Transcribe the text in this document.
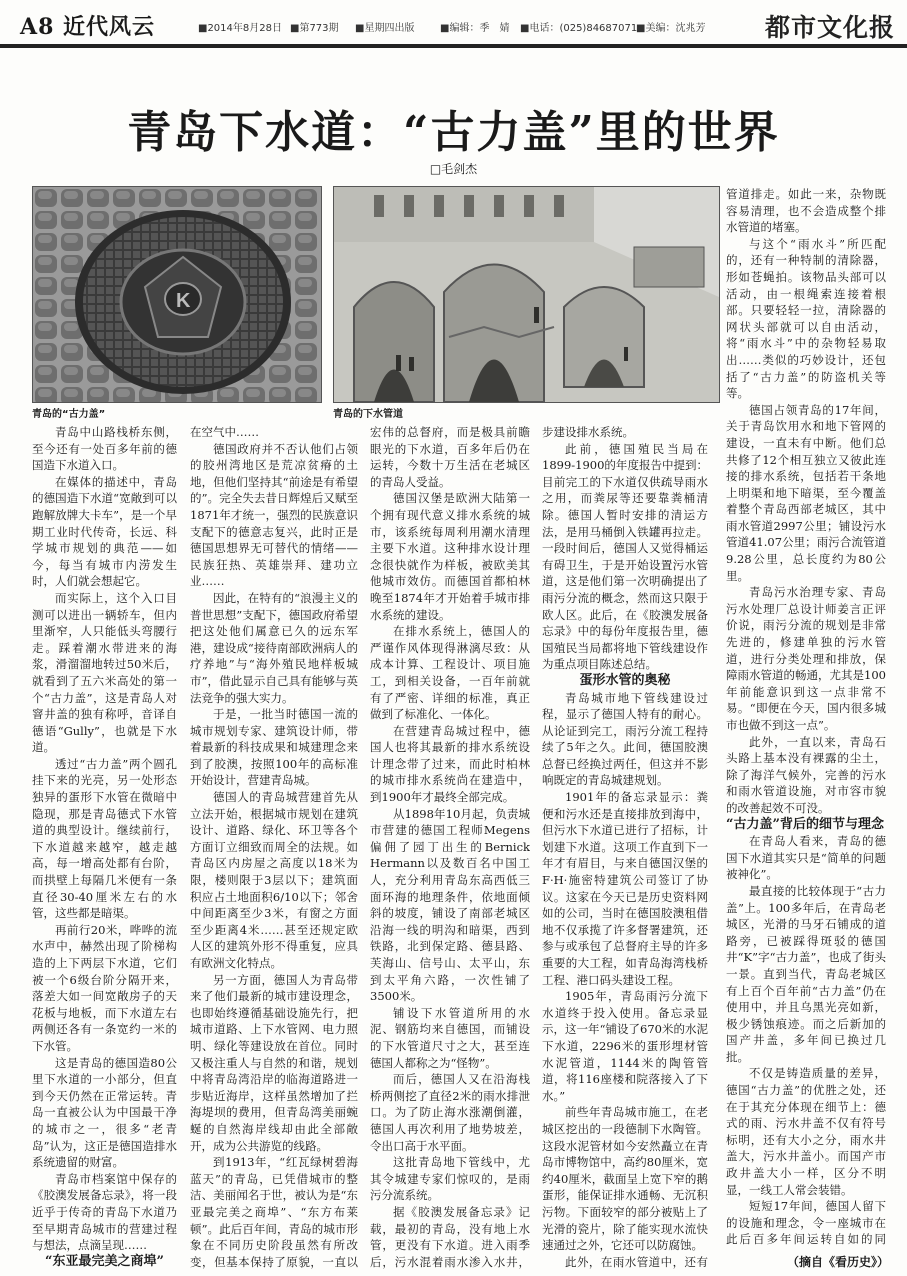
A8 近代风云	■2014年8月28日 ■第773期 ■星期四出版	■编辑：季　婧 ■电话：(025)84687071
■美编：沈兆芳 都市文化报
青岛下水道：“古力盖”里的世界
□毛剑杰
K
青岛的“古力盖”	青岛的下水管道

青岛中山路栈桥东侧，至今还有一处百多年前的德国造下水道入口。

在媒体的描述中，青岛的德国造下水道“宽敞到可以跑解放牌大卡车”，是一个早期工业时代传奇，长远、科学城市规划的典范——如今，每当有城市内涝发生时，人们就会想起它。

而实际上，这个入口目测可以进出一辆轿车，但内里渐窄，人只能低头弯腰行走。踩着潮水带进来的海浆，滑溜溜地转过50米后，就看到了五六米高处的第一个“古力盖”，这是青岛人对窨井盖的独有称呼，音译自德语“Gully”，也就是下水道。

透过“古力盖”两个圆孔挂下来的光亮，另一处形态独异的蛋形下水管在微暗中隐现，那是青岛德式下水管道的典型设计。继续前行，下水道越来越窄，越走越高，每一增高处都有台阶，而拱壁上每隔几米便有一条直径30-40厘米左右的水管，这些都是暗渠。

再前行20米，哗哗的流水声中，赫然出现了阶梯构造的上下两层下水道，它们被一个6级台阶分隔开来，落差大如一间宽敞房子的天花板与地板，而下水道左右两侧还各有一条宽约一米的下水管。

这是青岛的德国造80公里下水道的一小部分，但直到今天仍然在正常运转。青岛一直被公认为中国最干净的城市之一，很多“老青岛”认为，这正是德国造排水系统遗留的财富。

青岛市档案馆中保存的《胶澳发展备忘录》，将一段近乎于传奇的青岛下水道乃至早期青岛城市的营建过程与想法，点滴呈现……

“东亚最完美之商埠”

在空气中……

德国政府并不否认他们占领的胶州湾地区是荒凉贫瘠的土地，但他们坚持其“前途是有希望的”。完全失去昔日辉煌后又赋至1871年才统一，强烈的民族意识支配下的德意志复兴，此时正是德国思想界无可替代的情绪——民族狂热、英雄崇拜、建功立业……

因此，在特有的“浪漫主义的普世思想”支配下，德国政府希望把这处他们属意已久的远东军港，建设成“接待南部欧洲病人的疗养地”与“海外殖民地样板城市”，借此显示自己具有能够与英法竞争的强大实力。

于是，一批当时德国一流的城市规划专家、建筑设计师，带着最新的科技成果和城建理念来到了胶澳，按照100年的高标准开始设计，营建青岛城。

德国人的青岛城营建首先从立法开始，根据城市规划在建筑设计、道路、绿化、环卫等各个方面订立细致而周全的法规。如青岛区内房屋之高度以18米为限，楼则限于3层以下；建筑面积应占土地面积6/10以下；邻舍中间距离至少3米，有窗之方面至少距离4米……甚至还规定欧人区的建筑外形不得重复，应具有欧洲文化特点。

另一方面，德国人为青岛带来了他们最新的城市建设理念，也即始终遵循基础设施先行，把城市道路、上下水管网、电力照明、绿化等建设放在首位。同时又极注重人与自然的和谐，规划中将青岛湾沿岸的临海道路进一步贴近海岸，这样虽然增加了拦海堤坝的费用，但青岛湾美丽蜿蜒的自然海岸线却由此全部敞开，成为公共游览的线路。

到1913年，“红瓦绿树碧海蓝天”的青岛，已凭借城市的整洁、美丽闻名于世，被认为是“东亚最完美之商埠”、“东方布莱顿”。此后百年间，青岛的城市形象在不同历史阶段虽然有所改变，但基本保持了原貌，一直以

宏伟的总督府，而是极具前瞻眼光的下水道，百多年后仍在运转，今数十万生活在老城区的青岛人受益。

德国汉堡是欧洲大陆第一个拥有现代意义排水系统的城市，该系统每周利用潮水清理主要下水道。这种排水设计理念很快就作为样板，被欧美其他城市效仿。而德国首都柏林晚至1874年才开始着手城市排水系统的建设。

在排水系统上，德国人的严谨作风体现得淋漓尽致：从成本计算、工程设计、项目施工，到相关设备，一百年前就有了严密、详细的标准，真正做到了标准化、一体化。

在营建青岛城过程中，德国人也将其最新的排水系统设计理念带了过来，而此时柏林的城市排水系统尚在建造中，到1900年才最终全部完成。

从1898年10月起，负责城市营建的德国工程师Megens偏佣了园丁出生的Bernick Hermann以及数百名中国工人，充分利用青岛东高西低三面环海的地理条件，依地面倾斜的坡度，铺设了南部老城区沿海一线的明沟和暗渠，西到铁路，北到保定路、德县路、芙海山、信号山、太平山，东到太平角六路，一次性铺了3500米。

铺设下水管道所用的水泥、钢筋均来自德国，而铺设的下水管道尺寸之大，甚至连德国人都称之为“怪物”。

而后，德国人又在沿海栈桥两侧挖了直径2米的雨水排泄口。为了防止海水涨潮倒灌，德国人再次利用了地势坡差，令出口高于水平面。

这批青岛地下管线中，尤其令城建专家们惊叹的，是雨污分流系统。

据《胶澳发展备忘录》记载，最初的青岛，没有地上水管，更没有下水道。进入雨季后，污水混着雨水渗入水井，

步建设排水系统。

此前，德国殖民当局在1899-1900的年度报告中提到：目前完工的下水道仅供疏导雨水之用，而粪尿等还要靠粪桶清除。德国人暂时安排的清运方法，是用马桶倒入铁罐再拉走。一段时间后，德国人又觉得桶运有碍卫生，于是开始设置污水管道，这是他们第一次明确提出了雨污分流的概念，然而这只限于欧人区。此后，在《胶澳发展备忘录》中的每份年度报告里，德国殖民当局都将地下管线建设作为重点项目陈述总结。

蛋形水管的奥秘

青岛城市地下管线建设过程，显示了德国人特有的耐心。从论证到完工，雨污分流工程持续了5年之久。此间，德国胶澳总督已经换过两任，但这并不影响既定的青岛城建规划。

1901年的备忘录显示：粪便和污水还是直接排放到海中，但污水下水道已进行了招标，计划建下水道。这项工作直到下一年才有眉目，与来自德国汉堡的F·H·施密特建筑公司签订了协议。这家在今天已是历史资料网如的公司，当时在德国胶澳租借地不仅承揽了许多督署建筑，还参与或承包了总督府主导的许多重要的大工程，如青岛海湾栈桥工程、港口码头建设工程。

1905年，青岛雨污分流下水道终于投入使用。备忘录显示，这一年“铺设了670米的水泥下水道，2296米的蛋形埋材管水泥管道，1144米的陶管管道，将116座楼和院落接入了下水。”

前些年青岛城市施工，在老城区挖出的一段德制下水陶管。这段水泥管材如今安然矗立在青岛市博物馆中，高约80厘米，宽约40厘米，截面呈上宽下窄的鹅蛋形，能保证排水通畅、无沉积污物。下面较窄的部分被贴上了光滑的瓷片，除了能实现水流快速通过之外，它还可以防腐蚀。

此外，在雨水管道中，还有

管道排走。如此一来，杂物既容易清理，也不会造成整个排水管道的堵塞。

与这个“雨水斗”所匹配的，还有一种特制的清除器，形如苍蝇拍。该物品头部可以活动，由一根绳索连接着根部。只要轻轻一拉，清除器的网状头部就可以自由活动，将“雨水斗”中的杂物轻易取出……类似的巧妙设计，还包括了“古力盖”的防盗机关等等。

德国占领青岛的17年间，关于青岛饮用水和地下管网的建设，一直未有中断。他们总共修了12个相互独立又彼此连接的排水系统，包括若干条地上明渠和地下暗渠，至今覆盖着整个青岛西部老城区，其中雨水管道2997公里；铺设污水管道41.07公里；雨污合流管道9.28公里，总长度约为80公里。

青岛污水治理专家、青岛污水处理厂总设计师姜言正评价说，雨污分流的规划是非常先进的，修建单独的污水管道，进行分类处理和排放，保障雨水管道的畅通，尤其是100年前能意识到这一点非常不易。“即便在今天，国内很多城市也做不到这一点”。

此外，一直以来，青岛石头路上基本没有裸露的尘土，除了海洋气候外，完善的污水和雨水管道设施，对市容市貌的改善起效不可没。

“古力盖”背后的细节与理念

在青岛人看来，青岛的德国下水道其实只是“简单的问题被神化”。

最直接的比较体现于“古力盖”上。100多年后，在青岛老城区，光滑的马牙石铺成的道路旁，已被踩得斑驳的德国井“K”字“古力盖”，也成了街头一景。直到当代，青岛老城区有上百个百年前“古力盖”仍在使用中，并且乌黑光亮如新，极少锈蚀痕迹。而之后新加的国产井盖，多年间已换过几批。

不仅是铸造质量的差异，德国“古力盖”的优胜之处，还在于其充分体现在细节上：德式的雨、污水井盖不仅有符号标明，还有大小之分，雨水井盖大，污水井盖小。而国产市政井盖大小一样，区分不明显，一线工人常会装错。

短短17年间，德国人留下的设施和理念，令一座城市在此后百多年间运转自如的同

（摘自《看历史》）
